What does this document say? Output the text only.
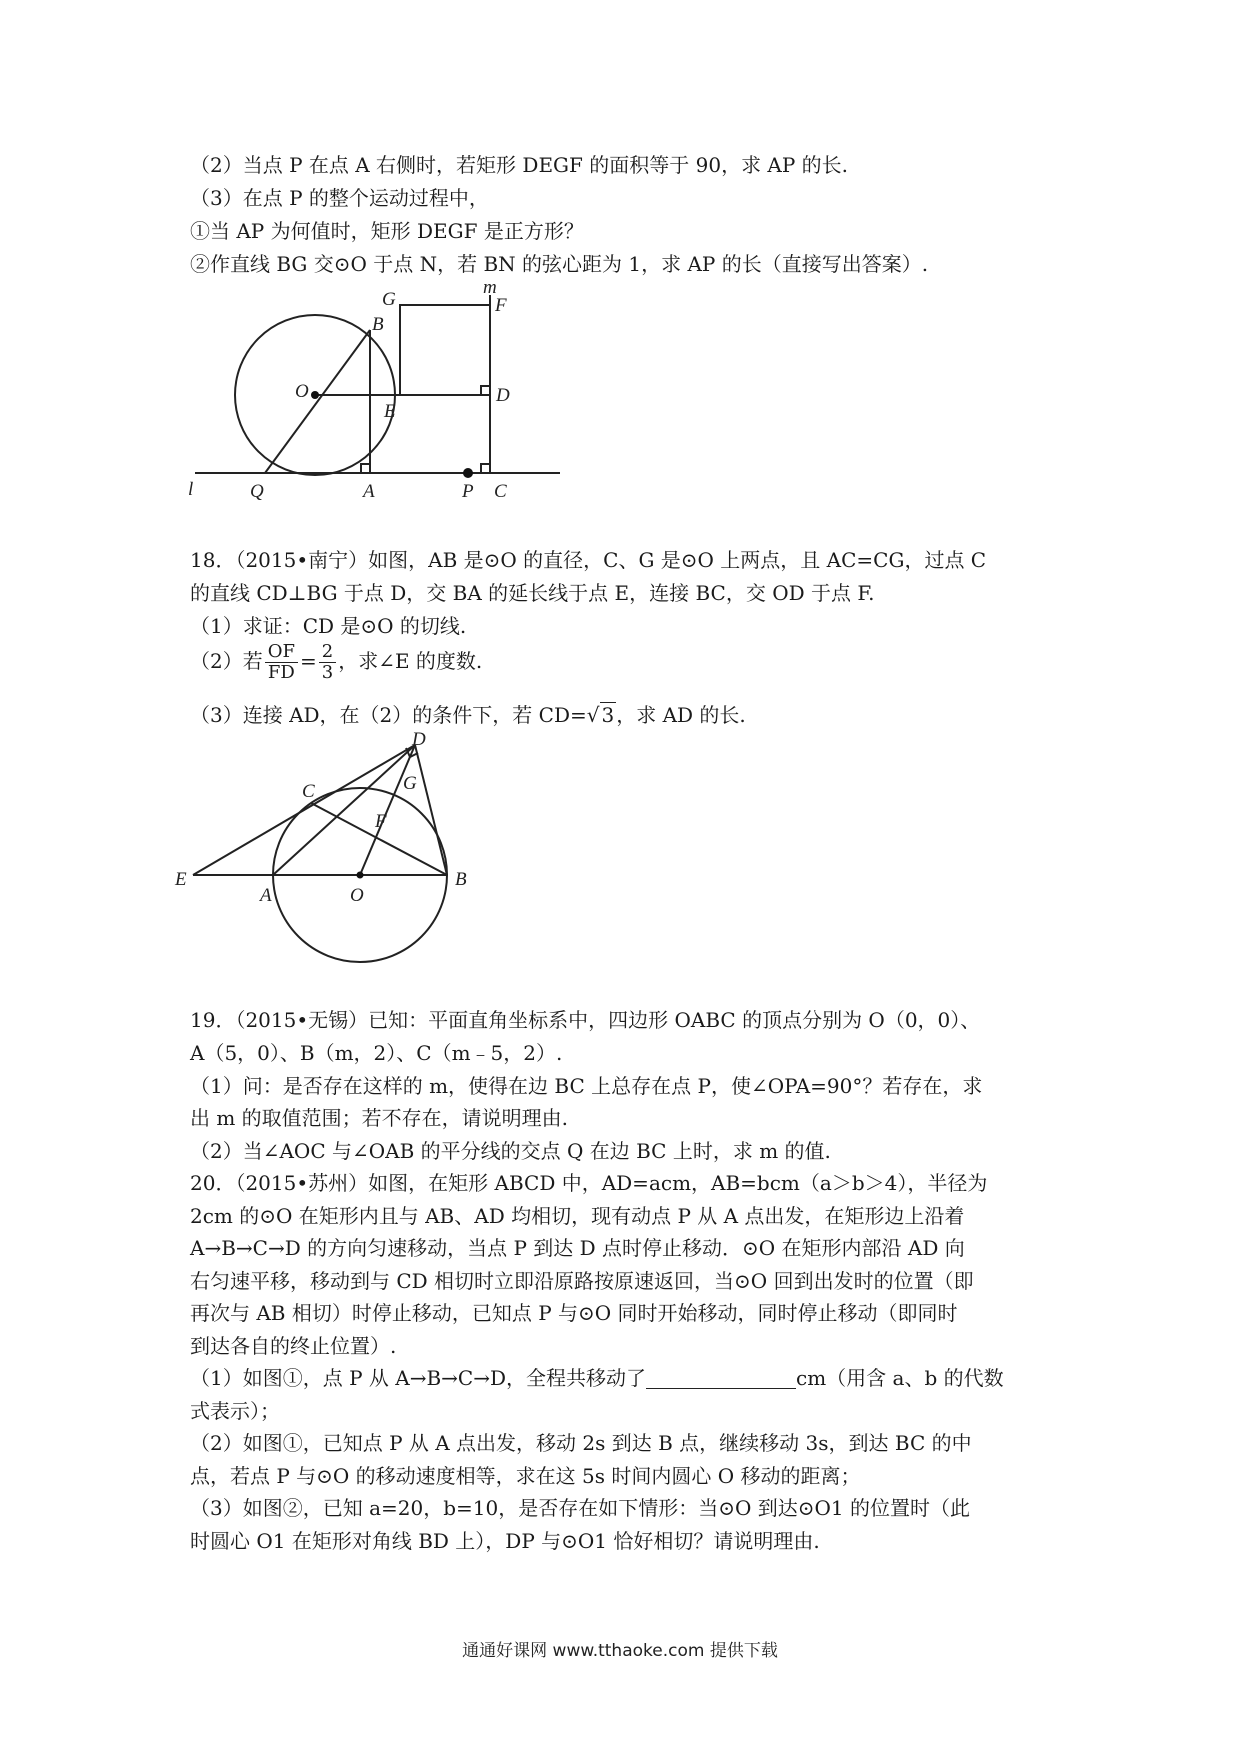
（2）当点 P 在点 A 右侧时，若矩形 DEGF 的面积等于 90，求 AP 的长.
（3）在点 P 的整个运动过程中，
①当 AP 为何值时，矩形 DEGF 是正方形？
②作直线 BG 交⊙O 于点 N，若 BN 的弦心距为 1，求 AP 的长（直接写出答案）.
G
m
F
B
O
E
D
l	Q	A	P C
18．（2015•南宁）如图，AB 是⊙O 的直径，C、G 是⊙O 上两点，且 AC=CG，过点 C
的直线 CD⊥BG 于点 D，交 BA 的延长线于点 E，连接 BC，交 OD 于点 F.
（1）求证：CD 是⊙O 的切线.
（2）若 $\frac{OF}{FD} = \frac{2}{3}$ ，求∠E 的度数.
（3）连接 AD，在（2）的条件下，若 CD=√ 3 ，求 AD 的长.
D
C	G
F
E
A	O
B
19．（2015•无锡）已知：平面直角坐标系中，四边形 OABC 的顶点分别为 O（0，0）、
A（5，0）、B（m，2）、C（m﹣5，2）.
（1）问：是否存在这样的 m，使得在边 BC 上总存在点 P，使∠OPA=90°？若存在，求
出 m 的取值范围；若不存在，请说明理由.
（2）当∠AOC 与∠OAB 的平分线的交点 Q 在边 BC 上时，求 m 的值.
20．（2015•苏州）如图，在矩形 ABCD 中，AD=acm，AB=bcm（a＞b＞4），半径为
2cm 的⊙O 在矩形内且与 AB、AD 均相切，现有动点 P 从 A 点出发，在矩形边上沿着
A→B→C→D 的方向匀速移动，当点 P 到达 D 点时停止移动．⊙O 在矩形内部沿 AD 向
右匀速平移，移动到与 CD 相切时立即沿原路按原速返回，当⊙O 回到出发时的位置（即
再次与 AB 相切）时停止移动，已知点 P 与⊙O 同时开始移动，同时停止移动（即同时
到达各自的终止位置）.
（1）如图①，点 P 从 A→B→C→D，全程共移动了	cm（用含 a、b 的代数
式表示）；
（2）如图①，已知点 P 从 A 点出发，移动 2s 到达 B 点，继续移动 3s，到达 BC 的中
点，若点 P 与⊙O 的移动速度相等，求在这 5s 时间内圆心 O 移动的距离；
（3）如图②，已知 a=20，b=10，是否存在如下情形：当⊙O 到达⊙O1 的位置时（此
时圆心 O1 在矩形对角线 BD 上），DP 与⊙O1 恰好相切？请说明理由.
通通好课网 www.tthaoke.com 提供下载
